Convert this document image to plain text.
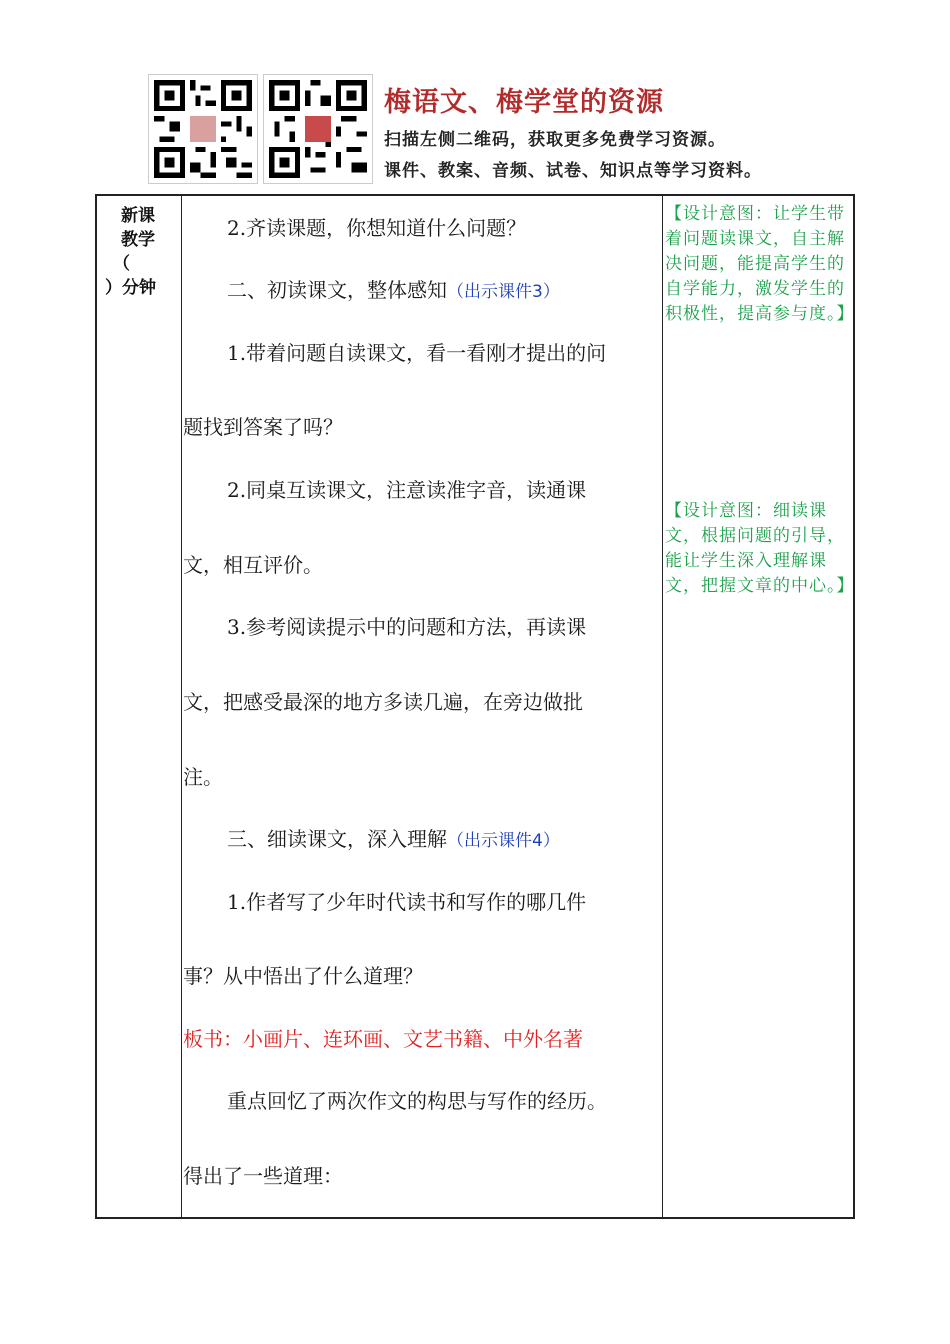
梅语文、梅学堂的资源
扫描左侧二维码，获取更多免费学习资源。
课件、教案、音频、试卷、知识点等学习资料。
新课
教学
（
）分钟
2.齐读课题，你想知道什么问题？
二、初读课文，整体感知（出示课件3）
1.带着问题自读课文，看一看刚才提出的问
题找到答案了吗？
2.同桌互读课文，注意读准字音，读通课
文，相互评价。
3.参考阅读提示中的问题和方法，再读课
文，把感受最深的地方多读几遍，在旁边做批
注。
三、细读课文，深入理解（出示课件4）
1.作者写了少年时代读书和写作的哪几件
事？从中悟出了什么道理？
板书：小画片、连环画、文艺书籍、中外名著
重点回忆了两次作文的构思与写作的经历。
得出了一些道理：
【设计意图：让学生带着问题读课文，自主解决问题，能提高学生的自学能力，激发学生的积极性，提高参与度。】
【设计意图：细读课文，根据问题的引导，能让学生深入理解课文，把握文章的中心。】
